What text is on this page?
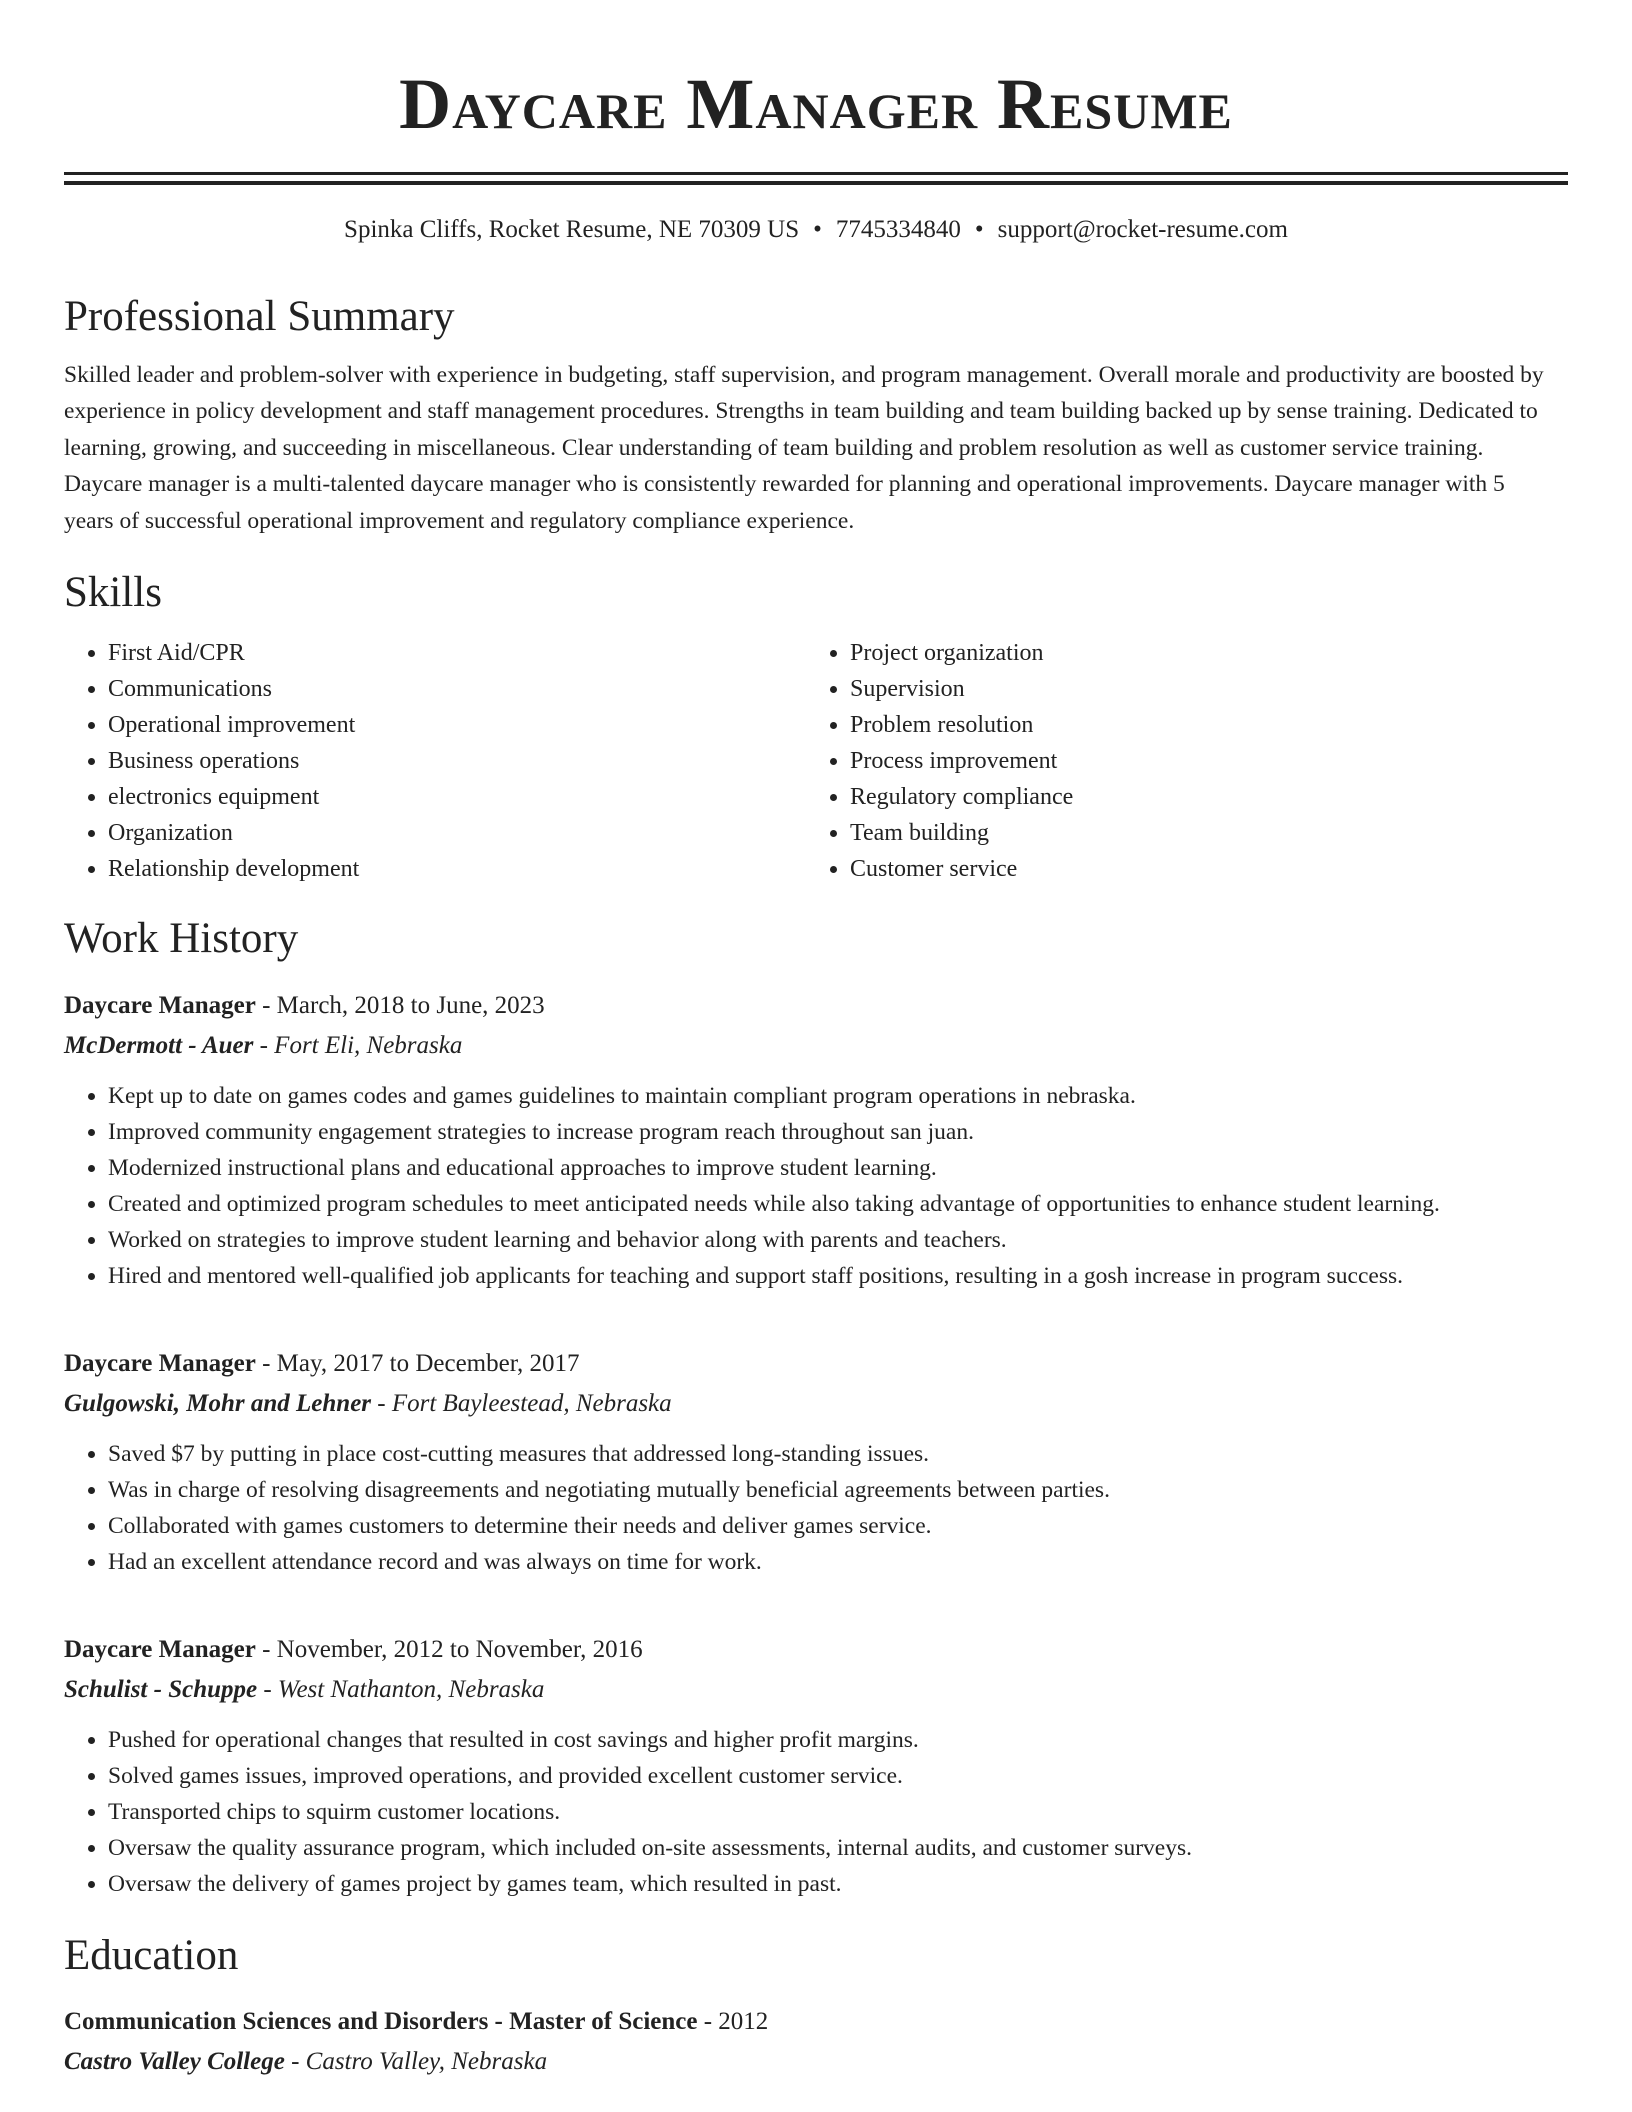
Daycare Manager Resume
Spinka Cliffs, Rocket Resume, NE 70309 US • 7745334840 • support@rocket-resume.com
Professional Summary
Skilled leader and problem-solver with experience in budgeting, staff supervision, and program management. Overall morale and productivity are boosted by experience in policy development and staff management procedures. Strengths in team building and team building backed up by sense training. Dedicated to learning, growing, and succeeding in miscellaneous. Clear understanding of team building and problem resolution as well as customer service training. Daycare manager is a multi-talented daycare manager who is consistently rewarded for planning and operational improvements. Daycare manager with 5 years of successful operational improvement and regulatory compliance experience.
Skills
• First Aid/CPR
• Communications
• Operational improvement
• Business operations
• electronics equipment
• Organization
• Relationship development
• Project organization
• Supervision
• Problem resolution
• Process improvement
• Regulatory compliance
• Team building
• Customer service
Work History
Daycare Manager - March, 2018 to June, 2023
McDermott - Auer - Fort Eli, Nebraska
• Kept up to date on games codes and games guidelines to maintain compliant program operations in nebraska.
• Improved community engagement strategies to increase program reach throughout san juan.
• Modernized instructional plans and educational approaches to improve student learning.
• Created and optimized program schedules to meet anticipated needs while also taking advantage of opportunities to enhance student learning.
• Worked on strategies to improve student learning and behavior along with parents and teachers.
• Hired and mentored well-qualified job applicants for teaching and support staff positions, resulting in a gosh increase in program success.
Daycare Manager - May, 2017 to December, 2017
Gulgowski, Mohr and Lehner - Fort Bayleestead, Nebraska
• Saved $7 by putting in place cost-cutting measures that addressed long-standing issues.
• Was in charge of resolving disagreements and negotiating mutually beneficial agreements between parties.
• Collaborated with games customers to determine their needs and deliver games service.
• Had an excellent attendance record and was always on time for work.
Daycare Manager - November, 2012 to November, 2016
Schulist - Schuppe - West Nathanton, Nebraska
• Pushed for operational changes that resulted in cost savings and higher profit margins.
• Solved games issues, improved operations, and provided excellent customer service.
• Transported chips to squirm customer locations.
• Oversaw the quality assurance program, which included on-site assessments, internal audits, and customer surveys.
• Oversaw the delivery of games project by games team, which resulted in past.
Education
Communication Sciences and Disorders - Master of Science - 2012
Castro Valley College - Castro Valley, Nebraska
